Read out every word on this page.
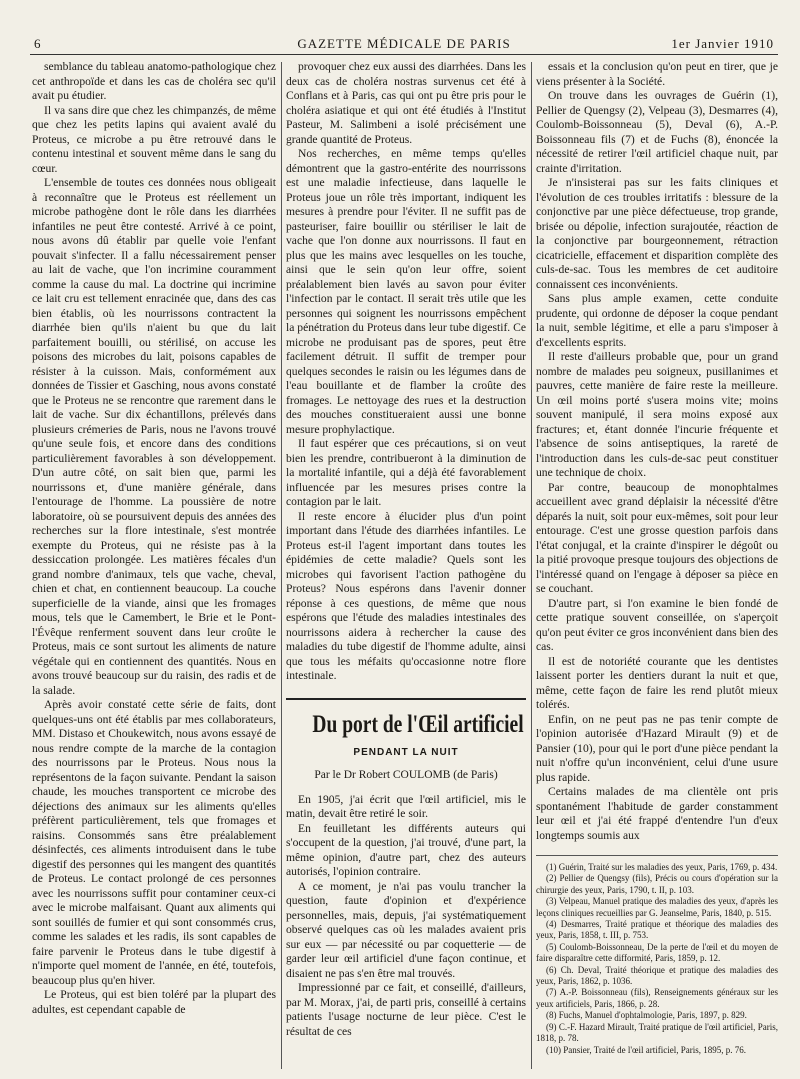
6	GAZETTE MÉDICALE DE PARIS	1er Janvier 1910

semblance du tableau anatomo-pathologique chez cet anthropoïde et dans les cas de choléra sec qu'il avait pu étudier.

Il va sans dire que chez les chimpanzés, de même que chez les petits lapins qui avaient avalé du Proteus, ce microbe a pu être retrouvé dans le contenu intestinal et souvent même dans le sang du cœur.

L'ensemble de toutes ces données nous obligeait à reconnaître que le Proteus est réellement un microbe pathogène dont le rôle dans les diarrhées infantiles ne peut être contesté. Arrivé à ce point, nous avons dû établir par quelle voie l'enfant pouvait s'infecter. Il a fallu nécessairement penser au lait de vache, que l'on incrimine couramment comme la cause du mal. La doctrine qui incrimine ce lait cru est tellement enracinée que, dans des cas bien établis, où les nourrissons contractent la diarrhée bien qu'ils n'aient bu que du lait parfaitement bouilli, ou stérilisé, on accuse les poisons des microbes du lait, poisons capables de résister à la cuisson. Mais, conformément aux données de Tissier et Gasching, nous avons constaté que le Proteus ne se rencontre que rarement dans le lait de vache. Sur dix échantillons, prélevés dans plusieurs crémeries de Paris, nous ne l'avons trouvé qu'une seule fois, et encore dans des conditions particulièrement favorables à son développement. D'un autre côté, on sait bien que, parmi les nourrissons et, d'une manière générale, dans l'entourage de l'homme. La poussière de notre laboratoire, où se poursuivent depuis des années des recherches sur la flore intestinale, s'est montrée exempte du Proteus, qui ne résiste pas à la dessiccation prolongée. Les matières fécales d'un grand nombre d'animaux, tels que vache, cheval, chien et chat, en contiennent beaucoup. La couche superficielle de la viande, ainsi que les fromages mous, tels que le Camembert, le Brie et le Pont-l'Évêque renferment souvent dans leur croûte le Proteus, mais ce sont surtout les aliments de nature végétale qui en contiennent des quantités. Nous en avons trouvé beaucoup sur du raisin, des radis et de la salade.

Après avoir constaté cette série de faits, dont quelques-uns ont été établis par mes collaborateurs, MM. Distaso et Choukewitch, nous avons essayé de nous rendre compte de la marche de la contagion des nourrissons par le Proteus. Nous nous la représentons de la façon suivante. Pendant la saison chaude, les mouches transportent ce microbe des déjections des animaux sur les aliments qu'elles préfèrent particulièrement, tels que fromages et raisins. Consommés sans être préalablement désinfectés, ces aliments introduisent dans le tube digestif des personnes qui les mangent des quantités de Proteus. Le contact prolongé de ces personnes avec les nourrissons suffit pour contaminer ceux-ci avec le microbe malfaisant. Quant aux aliments qui sont souillés de fumier et qui sont consommés crus, comme les salades et les radis, ils sont capables de faire parvenir le Proteus dans le tube digestif à n'importe quel moment de l'année, en été, toutefois, beaucoup plus qu'en hiver.

Le Proteus, qui est bien toléré par la plupart des adultes, est cependant capable de

provoquer chez eux aussi des diarrhées. Dans les deux cas de choléra nostras survenus cet été à Conflans et à Paris, cas qui ont pu être pris pour le choléra asiatique et qui ont été étudiés à l'Institut Pasteur, M. Salimbeni a isolé précisément une grande quantité de Proteus.

Nos recherches, en même temps qu'elles démontrent que la gastro-entérite des nourrissons est une maladie infectieuse, dans laquelle le Proteus joue un rôle très important, indiquent les mesures à prendre pour l'éviter. Il ne suffit pas de pasteuriser, faire bouillir ou stériliser le lait de vache que l'on donne aux nourrissons. Il faut en plus que les mains avec lesquelles on les touche, ainsi que le sein qu'on leur offre, soient préalablement bien lavés au savon pour éviter l'infection par le contact. Il serait très utile que les personnes qui soignent les nourrissons empêchent la pénétration du Proteus dans leur tube digestif. Ce microbe ne produisant pas de spores, peut être facilement détruit. Il suffit de tremper pour quelques secondes le raisin ou les légumes dans de l'eau bouillante et de flamber la croûte des fromages. Le nettoyage des rues et la destruction des mouches constitueraient aussi une bonne mesure prophylactique.

Il faut espérer que ces précautions, si on veut bien les prendre, contribueront à la diminution de la mortalité infantile, qui a déjà été favorablement influencée par les mesures prises contre la contagion par le lait.

Il reste encore à élucider plus d'un point important dans l'étude des diarrhées infantiles. Le Proteus est-il l'agent important dans toutes les épidémies de cette maladie? Quels sont les microbes qui favorisent l'action pathogène du Proteus? Nous espérons dans l'avenir donner réponse à ces questions, de même que nous espérons que l'étude des maladies intestinales des nourrissons aidera à rechercher la cause des maladies du tube digestif de l'homme adulte, ainsi que tous les méfaits qu'occasionne notre flore intestinale.

Du port de l'Œil artificiel
PENDANT LA NUIT
Par le Dr Robert COULOMB (de Paris)

En 1905, j'ai écrit que l'œil artificiel, mis le matin, devait être retiré le soir.

En feuilletant les différents auteurs qui s'occupent de la question, j'ai trouvé, d'une part, la même opinion, d'autre part, chez des auteurs autorisés, l'opinion contraire.

A ce moment, je n'ai pas voulu trancher la question, faute d'opinion et d'expérience personnelles, mais, depuis, j'ai systématiquement observé quelques cas où les malades avaient pris sur eux — par nécessité ou par coquetterie — de garder leur œil artificiel d'une façon continue, et disaient ne pas s'en être mal trouvés.

Impressionné par ce fait, et conseillé, d'ailleurs, par M. Morax, j'ai, de parti pris, conseillé à certains patients l'usage nocturne de leur pièce. C'est le résultat de ces

essais et la conclusion qu'on peut en tirer, que je viens présenter à la Société.

On trouve dans les ouvrages de Guérin (1), Pellier de Quengsy (2), Velpeau (3), Desmarres (4), Coulomb-Boissonneau (5), Deval (6), A.-P. Boissonneau fils (7) et de Fuchs (8), énoncée la nécessité de retirer l'œil artificiel chaque nuit, par crainte d'irritation.

Je n'insisterai pas sur les faits cliniques et l'évolution de ces troubles irritatifs : blessure de la conjonctive par une pièce défectueuse, trop grande, brisée ou dépolie, infection surajoutée, réaction de la conjonctive par bourgeonnement, rétraction cicatricielle, effacement et disparition complète des culs-de-sac. Tous les membres de cet auditoire connaissent ces inconvénients.

Sans plus ample examen, cette conduite prudente, qui ordonne de déposer la coque pendant la nuit, semble légitime, et elle a paru s'imposer à d'excellents esprits.

Il reste d'ailleurs probable que, pour un grand nombre de malades peu soigneux, pusillanimes et pauvres, cette manière de faire reste la meilleure. Un œil moins porté s'usera moins vite; moins souvent manipulé, il sera moins exposé aux fractures; et, étant donnée l'incurie fréquente et l'absence de soins antiseptiques, la rareté de l'introduction dans les culs-de-sac peut constituer une technique de choix.

Par contre, beaucoup de monophtalmes accueillent avec grand déplaisir la nécessité d'être déparés la nuit, soit pour eux-mêmes, soit pour leur entourage. C'est une grosse question parfois dans l'état conjugal, et la crainte d'inspirer le dégoût ou la pitié provoque presque toujours des objections de l'intéressé quand on l'engage à déposer sa pièce en se couchant.

D'autre part, si l'on examine le bien fondé de cette pratique souvent conseillée, on s'aperçoit qu'on peut éviter ce gros inconvénient dans bien des cas.

Il est de notoriété courante que les dentistes laissent porter les dentiers durant la nuit et que, même, cette façon de faire les rend plutôt mieux tolérés.

Enfin, on ne peut pas ne pas tenir compte de l'opinion autorisée d'Hazard Mirault (9) et de Pansier (10), pour qui le port d'une pièce pendant la nuit n'offre qu'un inconvénient, celui d'une usure plus rapide.

Certains malades de ma clientèle ont pris spontanément l'habitude de garder constamment leur œil et j'ai été frappé d'entendre l'un d'eux longtemps soumis aux

(1) Guérin, Traité sur les maladies des yeux, Paris, 1769, p. 434.
(2) Pellier de Quengsy (fils), Précis ou cours d'opération sur la chirurgie des yeux, Paris, 1790, t. II, p. 103.
(3) Velpeau, Manuel pratique des maladies des yeux, d'après les leçons cliniques recueillies par G. Jeanselme, Paris, 1840, p. 515.
(4) Desmarres, Traité pratique et théorique des maladies des yeux, Paris, 1858, t. III, p. 753.
(5) Coulomb-Boissonneau, De la perte de l'œil et du moyen de faire disparaître cette difformité, Paris, 1859, p. 12.
(6) Ch. Deval, Traité théorique et pratique des maladies des yeux, Paris, 1862, p. 1036.
(7) A.-P. Boissonneau (fils), Renseignements généraux sur les yeux artificiels, Paris, 1866, p. 28.
(8) Fuchs, Manuel d'ophtalmologie, Paris, 1897, p. 829.
(9) C.-F. Hazard Mirault, Traité pratique de l'œil artificiel, Paris, 1818, p. 78.
(10) Pansier, Traité de l'œil artificiel, Paris, 1895, p. 76.
